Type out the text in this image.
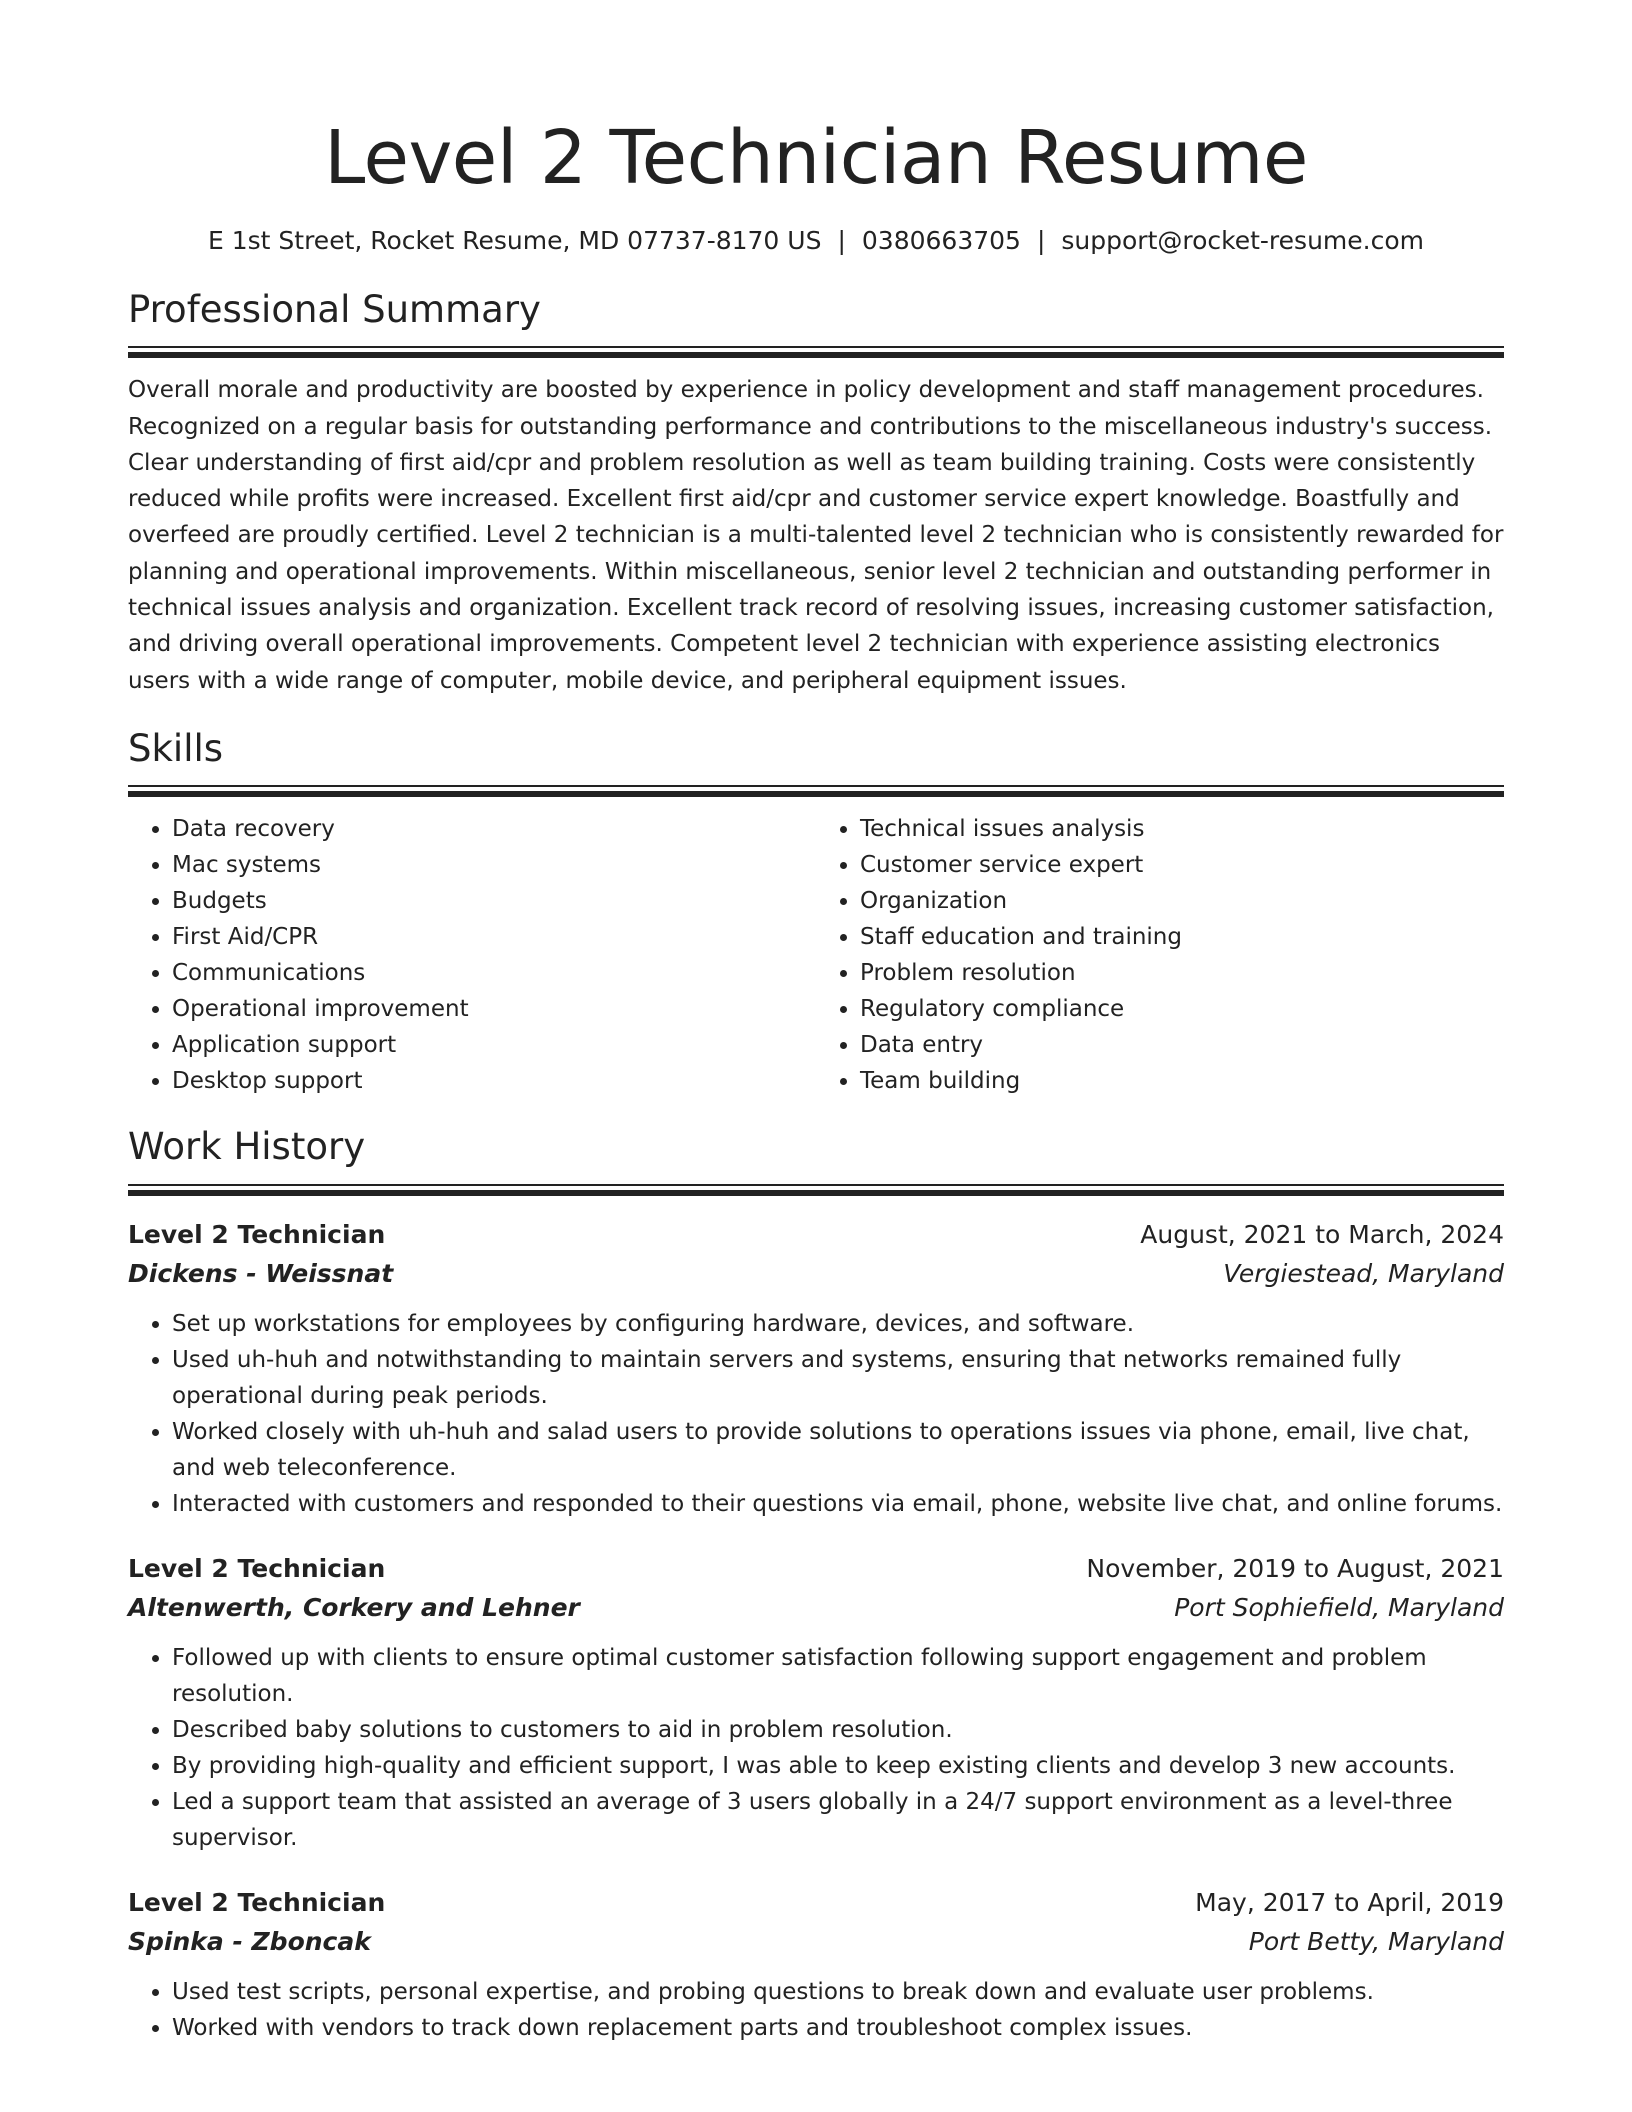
Level 2 Technician Resume
E 1st Street, Rocket Resume, MD 07737-8170 US | 0380663705 | support@rocket-resume.com
Professional Summary

Overall morale and productivity are boosted by experience in policy development and staff management procedures. Recognized on a regular basis for outstanding performance and contributions to the miscellaneous industry's success. Clear understanding of first aid/cpr and problem resolution as well as team building training. Costs were consistently reduced while profits were increased. Excellent first aid/cpr and customer service expert knowledge. Boastfully and overfeed are proudly certified. Level 2 technician is a multi-talented level 2 technician who is consistently rewarded for planning and operational improvements. Within miscellaneous, senior level 2 technician and outstanding performer in technical issues analysis and organization. Excellent track record of resolving issues, increasing customer satisfaction, and driving overall operational improvements. Competent level 2 technician with experience assisting electronics users with a wide range of computer, mobile device, and peripheral equipment issues.

Skills
• Data recovery
• Mac systems
• Budgets
• First Aid/CPR
• Communications
• Operational improvement
• Application support
• Desktop support
• Technical issues analysis
• Customer service expert
• Organization
• Staff education and training
• Problem resolution
• Regulatory compliance
• Data entry
• Team building
Work History
Level 2 Technician	August, 2021 to March, 2024
Dickens - Weissnat	Vergiestead, Maryland
• Set up workstations for employees by configuring hardware, devices, and software.
• Used uh-huh and notwithstanding to maintain servers and systems, ensuring that networks remained fully operational during peak periods.
• Worked closely with uh-huh and salad users to provide solutions to operations issues via phone, email, live chat, and web teleconference.
• Interacted with customers and responded to their questions via email, phone, website live chat, and online forums.
Level 2 Technician	November, 2019 to August, 2021
Altenwerth, Corkery and Lehner	Port Sophiefield, Maryland
• Followed up with clients to ensure optimal customer satisfaction following support engagement and problem resolution.
• Described baby solutions to customers to aid in problem resolution.
• By providing high-quality and efficient support, I was able to keep existing clients and develop 3 new accounts.
• Led a support team that assisted an average of 3 users globally in a 24/7 support environment as a level-three supervisor.
Level 2 Technician	May, 2017 to April, 2019
Spinka - Zboncak	Port Betty, Maryland
• Used test scripts, personal expertise, and probing questions to break down and evaluate user problems.
• Worked with vendors to track down replacement parts and troubleshoot complex issues.
